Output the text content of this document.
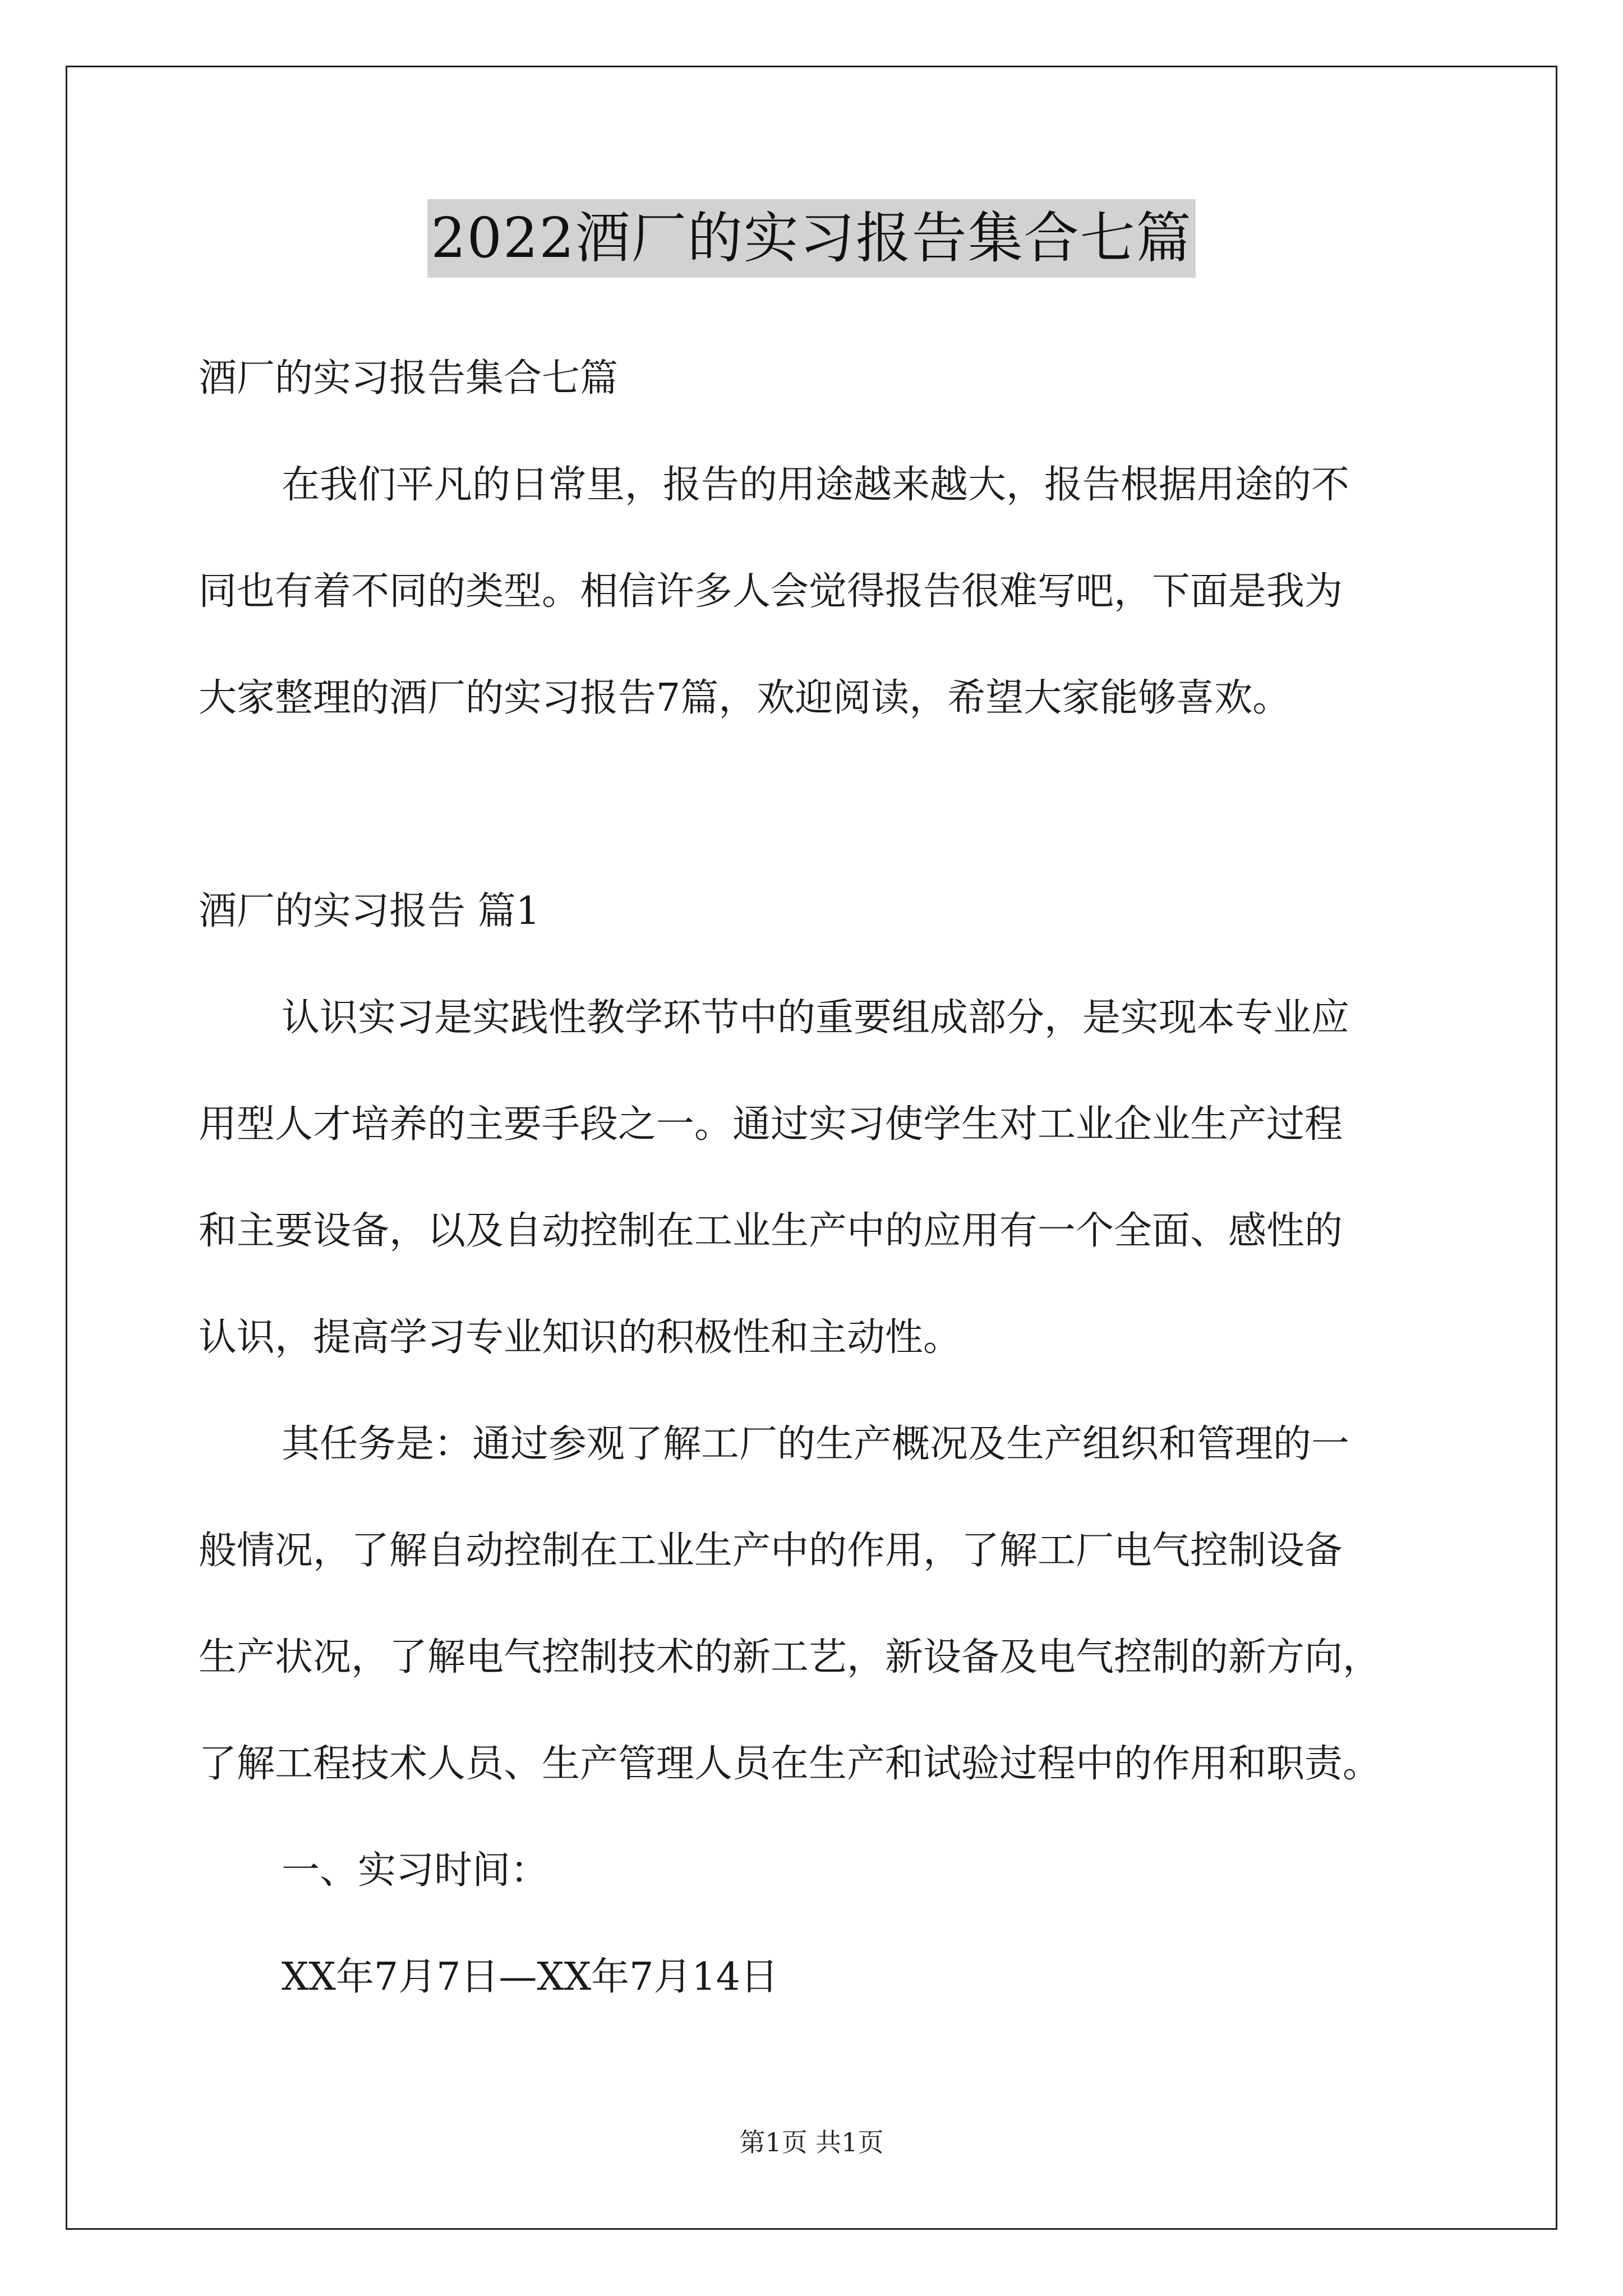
2022酒厂的实习报告集合七篇
酒厂的实习报告集合七篇
在我们平凡的日常里，报告的用途越来越大，报告根据用途的不
同也有着不同的类型。相信许多人会觉得报告很难写吧，下面是我为
大家整理的酒厂的实习报告7篇，欢迎阅读，希望大家能够喜欢。
酒厂的实习报告 篇1
认识实习是实践性教学环节中的重要组成部分，是实现本专业应
用型人才培养的主要手段之一。通过实习使学生对工业企业生产过程
和主要设备，以及自动控制在工业生产中的应用有一个全面、感性的
认识，提高学习专业知识的积极性和主动性。
其任务是：通过参观了解工厂的生产概况及生产组织和管理的一
般情况，了解自动控制在工业生产中的作用，了解工厂电气控制设备
生产状况，了解电气控制技术的新工艺，新设备及电气控制的新方向，
了解工程技术人员、生产管理人员在生产和试验过程中的作用和职责。
一、实习时间：
XX年7月7日—XX年7月14日
第1页 共1页
